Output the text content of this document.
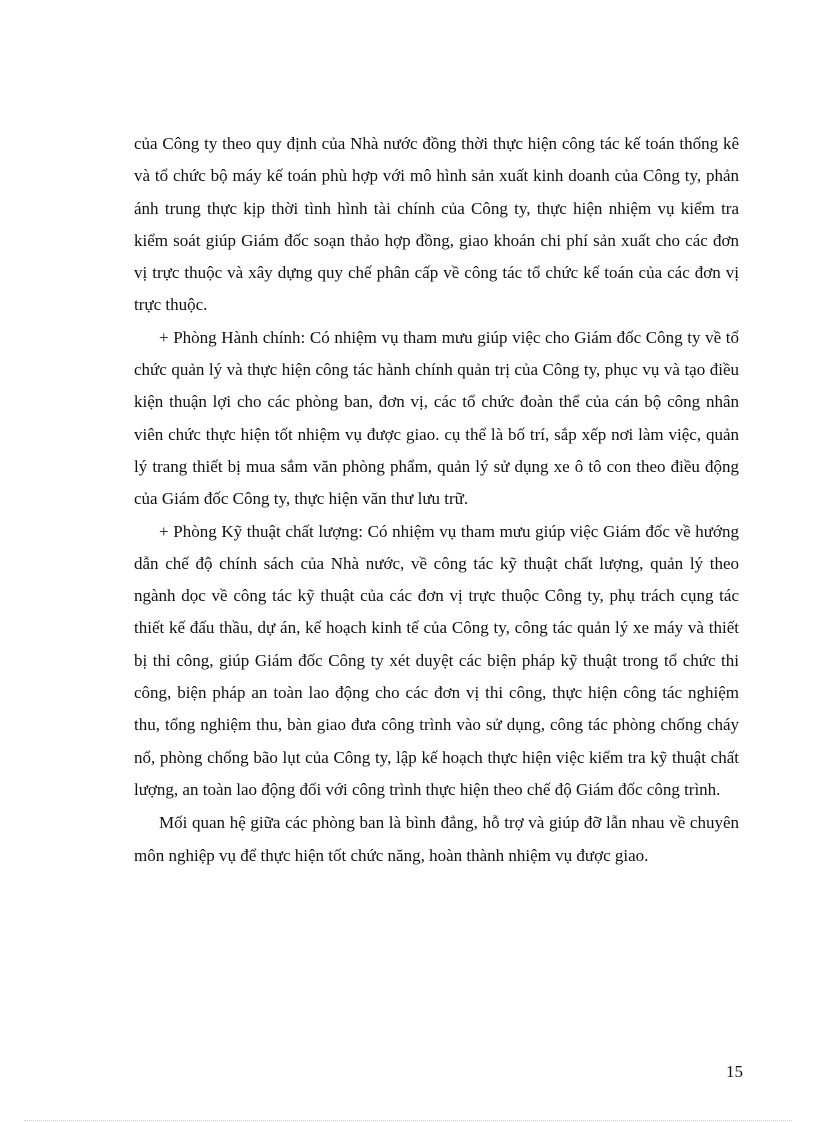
của Công ty theo quy định của Nhà nước đồng thời thực hiện công tác kế toán thống kê và tổ chức bộ máy kế toán phù hợp với mô hình sản xuất kinh doanh của Công ty, phản ánh trung thực kịp thời tình hình tài chính của Công ty, thực hiện nhiệm vụ kiểm tra kiểm soát giúp Giám đốc soạn thảo hợp đồng, giao khoán chi phí sản xuất cho các đơn vị trực thuộc và xây dựng quy chế phân cấp về công tác tổ chức kế toán của các đơn vị trực thuộc.

+ Phòng Hành chính: Có nhiệm vụ tham mưu giúp việc cho Giám đốc Công ty về tổ chức quản lý và thực hiện công tác hành chính quản trị của Công ty, phục vụ và tạo điều kiện thuận lợi cho các phòng ban, đơn vị, các tổ chức đoàn thể của cán bộ công nhân viên chức thực hiện tốt nhiệm vụ được giao. cụ thể là bố trí, sắp xếp nơi làm việc, quản lý trang thiết bị mua sắm văn phòng phẩm, quản lý sử dụng xe ô tô con theo điều động của Giám đốc Công ty, thực hiện văn thư lưu trữ.

+ Phòng Kỹ thuật chất lượng: Có nhiệm vụ tham mưu giúp việc Giám đốc về hướng dẫn chế độ chính sách của Nhà nước, về công tác kỹ thuật chất lượng, quản lý theo ngành dọc về công tác kỹ thuật của các đơn vị trực thuộc Công ty, phụ trách cụng tác thiết kế đấu thầu, dự án, kế hoạch kinh tế của Công ty, công tác quản lý xe máy và thiết bị thi công, giúp Giám đốc Công ty xét duyệt các biện pháp kỹ thuật trong tổ chức thi công, biện pháp an toàn lao động cho các đơn vị thi công, thực hiện công tác nghiệm thu, tổng nghiệm thu, bàn giao đưa công trình vào sử dụng, công tác phòng chống cháy nổ, phòng chống bão lụt của Công ty, lập kế hoạch thực hiện việc kiểm tra kỹ thuật chất lượng, an toàn lao động đối với công trình thực hiện theo chế độ Giám đốc công trình.

Mối quan hệ giữa các phòng ban là bình đẳng, hỗ trợ và giúp đỡ lẫn nhau về chuyên môn nghiệp vụ để thực hiện tốt chức năng, hoàn thành nhiệm vụ được giao.

15
